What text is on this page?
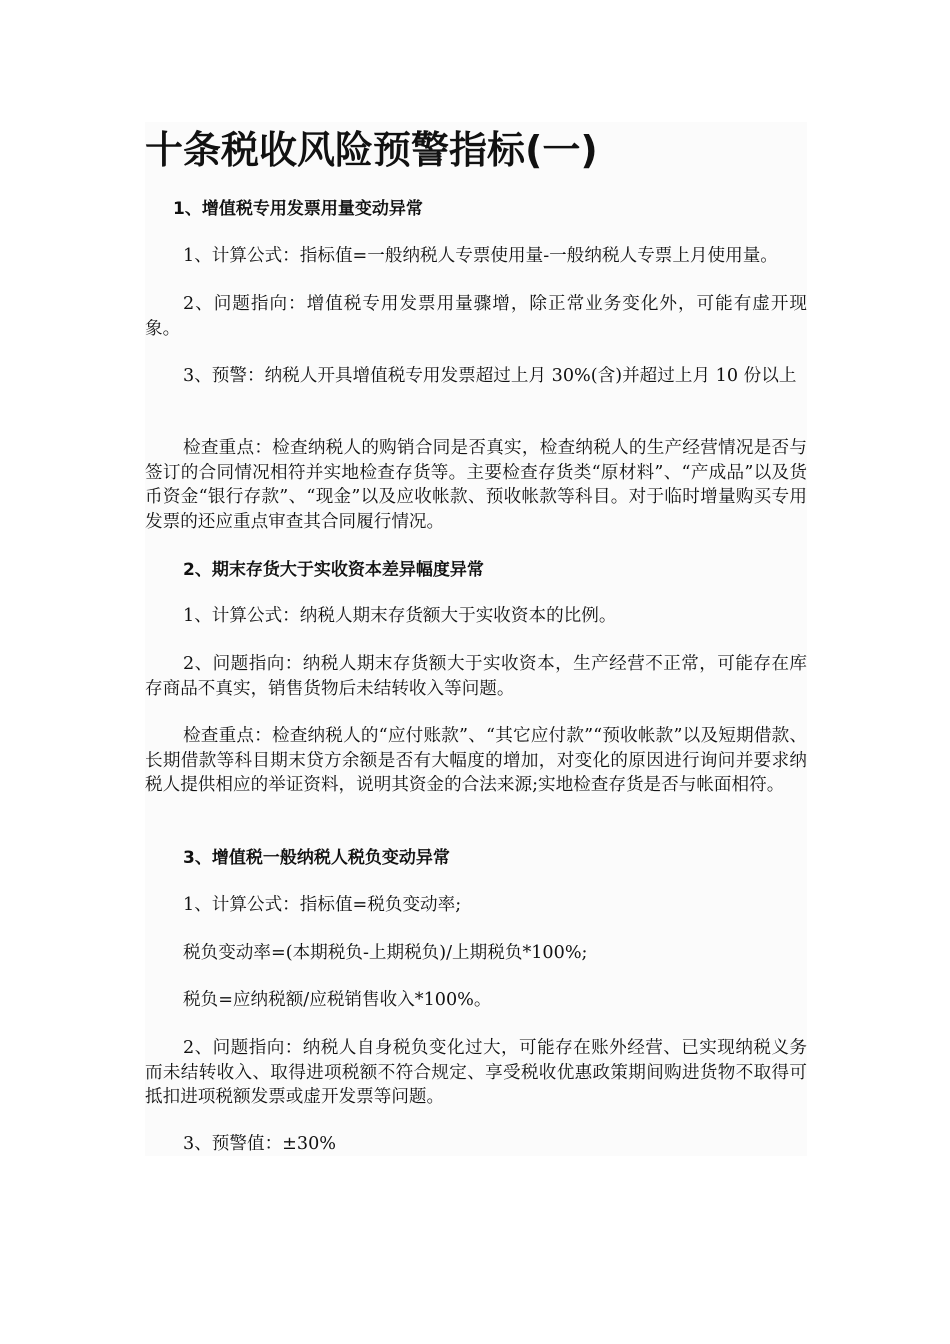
十条税收风险预警指标(一)
1、增值税专用发票用量变动异常

1、计算公式：指标值=一般纳税人专票使用量-一般纳税人专票上月使用量。

2、问题指向：增值税专用发票用量骤增，除正常业务变化外，可能有虚开现象。

3、预警：纳税人开具增值税专用发票超过上月 30%(含)并超过上月 10 份以上

检查重点：检查纳税人的购销合同是否真实，检查纳税人的生产经营情况是否与签订的合同情况相符并实地检查存货等。主要检查存货类“原材料”、“产成品”以及货币资金“银行存款”、“现金”以及应收帐款、预收帐款等科目。对于临时增量购买专用发票的还应重点审查其合同履行情况。

2、期末存货大于实收资本差异幅度异常

1、计算公式：纳税人期末存货额大于实收资本的比例。

2、问题指向：纳税人期末存货额大于实收资本，生产经营不正常，可能存在库存商品不真实，销售货物后未结转收入等问题。

检查重点：检查纳税人的“应付账款”、“其它应付款”“预收帐款”以及短期借款、长期借款等科目期末贷方余额是否有大幅度的增加，对变化的原因进行询问并要求纳税人提供相应的举证资料，说明其资金的合法来源;实地检查存货是否与帐面相符。

3、增值税一般纳税人税负变动异常

1、计算公式：指标值=税负变动率;

税负变动率=(本期税负-上期税负)/上期税负*100%;

税负=应纳税额/应税销售收入*100%。

2、问题指向：纳税人自身税负变化过大，可能存在账外经营、已实现纳税义务而未结转收入、取得进项税额不符合规定、享受税收优惠政策期间购进货物不取得可抵扣进项税额发票或虚开发票等问题。

3、预警值：±30%
